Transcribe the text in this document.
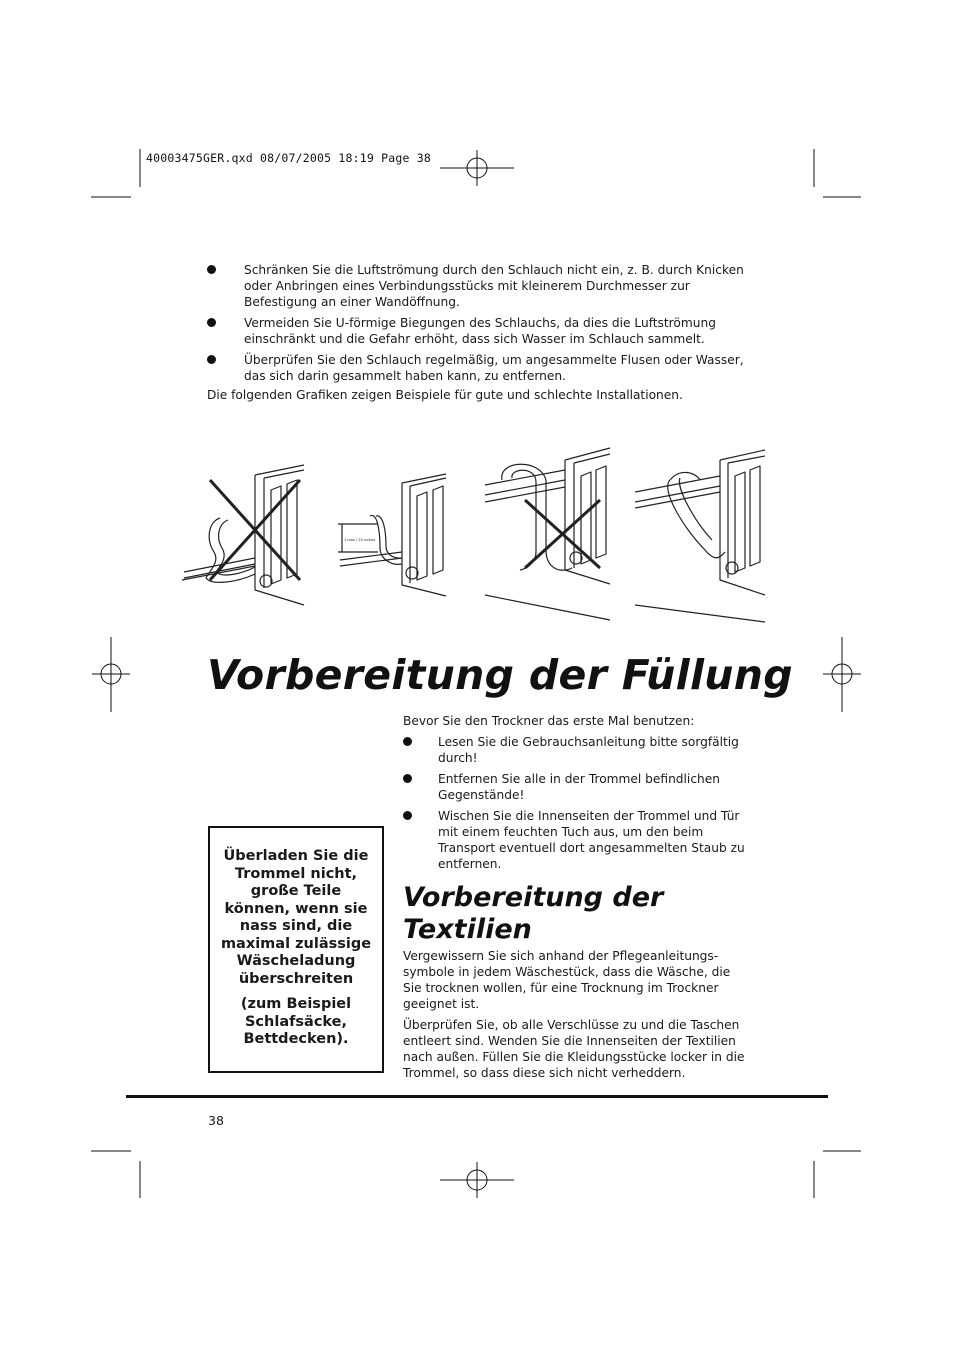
40003475GER.qxd 08/07/2005 18:19 Page 38
Schränken Sie die Luftströmung durch den Schlauch nicht ein, z. B. durch Knicken oder Anbringen eines Verbindungsstücks mit kleinerem Durchmesser zur Befestigung an einer Wandöffnung.
Vermeiden Sie U-förmige Biegungen des Schlauchs, da dies die Luftströmung einschränkt und die Gefahr erhöht, dass sich Wasser im Schlauch sammelt.
Überprüfen Sie den Schlauch regelmäßig, um angesammelte Flusen oder Wasser, das sich darin gesammelt haben kann, zu entfernen.
Die folgenden Grafiken zeigen Beispiele für gute und schlechte Installationen.
1 max / 20 inches
Vorbereitung der Füllung
Bevor Sie den Trockner das erste Mal benutzen:
Lesen Sie die Gebrauchsanleitung bitte sorgfältig durch!
Entfernen Sie alle in der Trommel befindlichen Gegenstände!
Wischen Sie die Innenseiten der Trommel und Tür mit einem feuchten Tuch aus, um den beim Transport eventuell dort angesammelten Staub zu entfernen.
Vorbereitung der Textilien
Vergewissern Sie sich anhand der Pflegeanleitungs-symbole in jedem Wäschestück, dass die Wäsche, die Sie trocknen wollen, für eine Trocknung im Trockner geeignet ist.
Überprüfen Sie, ob alle Verschlüsse zu und die Taschen entleert sind. Wenden Sie die Innenseiten der Textilien nach außen. Füllen Sie die Kleidungsstücke locker in die Trommel, so dass diese sich nicht verheddern.

Überladen Sie die Trommel nicht, große Teile können, wenn sie nass sind, die maximal zulässige Wäscheladung überschreiten

(zum Beispiel Schlafsäcke, Bettdecken).

38
